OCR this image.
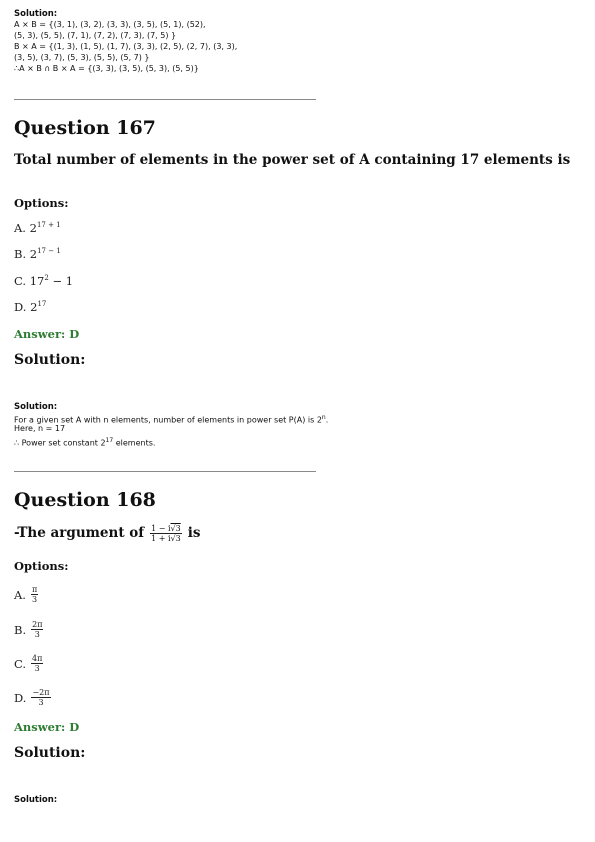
Solution:
A × B = {(3, 1), (3, 2), (3, 3), (3, 5), (5, 1), (52),
(5, 3), (5, 5), (7, 1), (7, 2), (7, 3), (7, 5) }
B × A = {(1, 3), (1, 5), (1, 7), (3, 3), (2, 5), (2, 7), (3, 3),
(3, 5), (3, 7), (5, 3), (5, 5), (5, 7) }
∴A × B ∩ B × A = {(3, 3), (3, 5), (5, 3), (5, 5)}
Question 167
Total number of elements in the power set of A containing 17 elements is
Options:
A. $2^{17 + 1}$
B. $2^{17 - 1}$
C. $17^2 - 1$
D. $2^{17}$
Answer: D
Solution:
Solution:
For a given set A with n elements, number of elements in power set P(A) is 2$^n$.
Here, n = 17
∴ Power set constant $2^{17}$ elements.
Question 168
-The argument of $\frac{1 - i√3}{1 + i√3}$ is
Options:
A. $\frac{\pi}{3}$
B. $\frac{2\pi}{3}$
C. $\frac{4\pi}{3}$
D. $\frac{-2\pi}{3}$
Answer: D
Solution:
Solution:
